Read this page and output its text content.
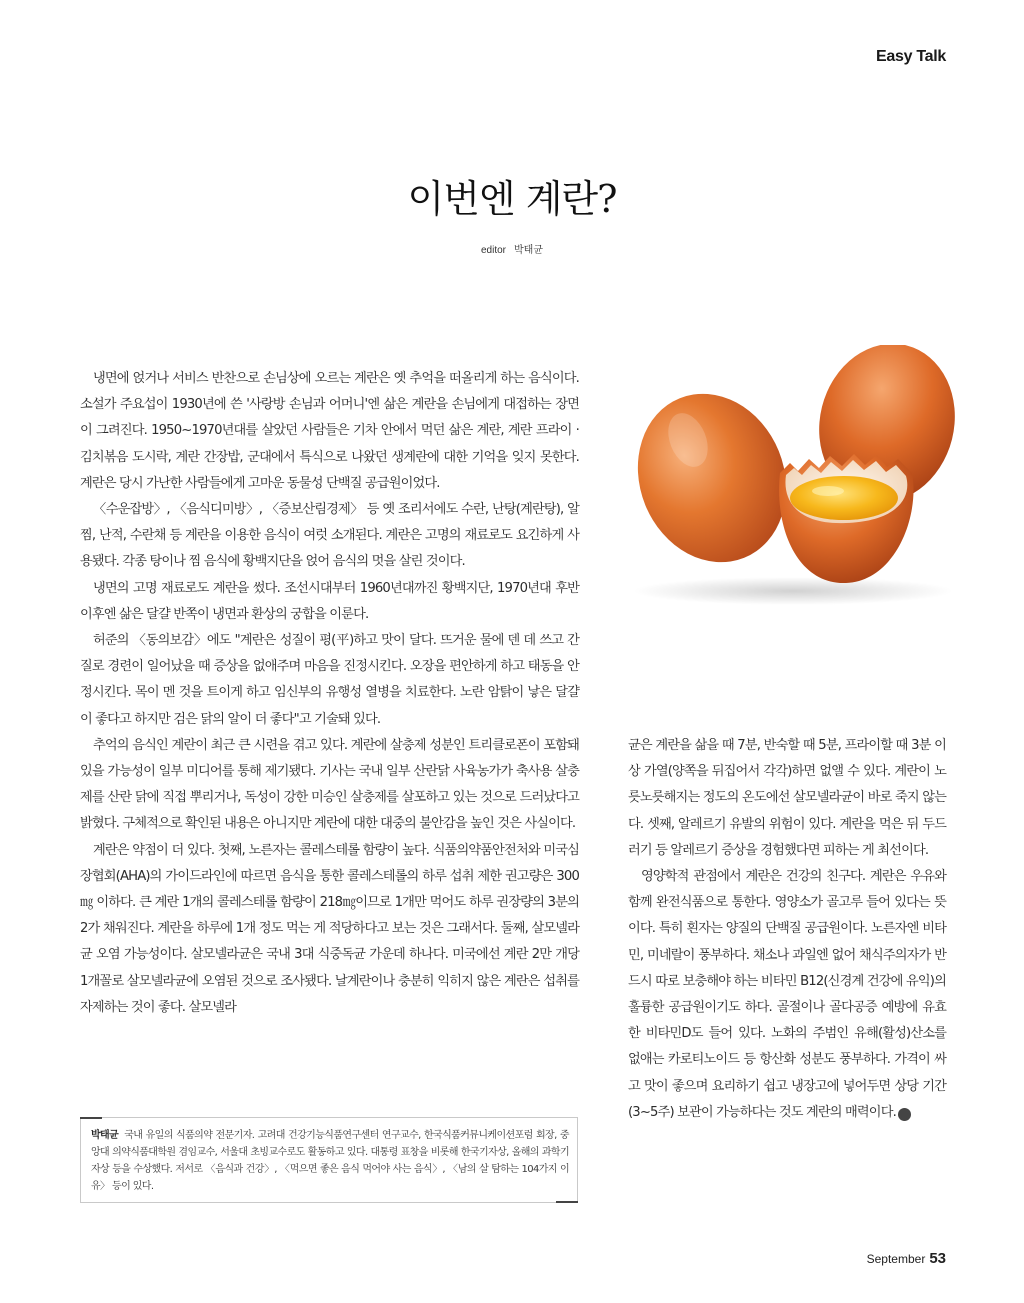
Easy Talk
이번엔 계란?
editor 박태균

냉면에 얹거나 서비스 반찬으로 손님상에 오르는 계란은 옛 추억을 떠올리게 하는 음식이다. 소설가 주요섭이 1930년에 쓴 '사랑방 손님과 어머니'엔 삶은 계란을 손님에게 대접하는 장면이 그려진다. 1950~1970년대를 살았던 사람들은 기차 안에서 먹던 삶은 계란, 계란 프라이 · 김치볶음 도시락, 계란 간장밥, 군대에서 특식으로 나왔던 생계란에 대한 기억을 잊지 못한다. 계란은 당시 가난한 사람들에게 고마운 동물성 단백질 공급원이었다.

〈수운잡방〉, 〈음식디미방〉, 〈증보산림경제〉 등 옛 조리서에도 수란, 난탕(계란탕), 알찜, 난적, 수란채 등 계란을 이용한 음식이 여럿 소개된다. 계란은 고명의 재료로도 요긴하게 사용됐다. 각종 탕이나 찜 음식에 황백지단을 얹어 음식의 멋을 살린 것이다.

냉면의 고명 재료로도 계란을 썼다. 조선시대부터 1960년대까진 황백지단, 1970년대 후반 이후엔 삶은 달걀 반쪽이 냉면과 환상의 궁합을 이룬다.

허준의 〈동의보감〉에도 "계란은 성질이 평(平)하고 맛이 달다. 뜨거운 물에 덴 데 쓰고 간질로 경련이 일어났을 때 증상을 없애주며 마음을 진정시킨다. 오장을 편안하게 하고 태동을 안정시킨다. 목이 멘 것을 트이게 하고 임신부의 유행성 열병을 치료한다. 노란 암탉이 낳은 달걀이 좋다고 하지만 검은 닭의 알이 더 좋다"고 기술돼 있다.

추억의 음식인 계란이 최근 큰 시련을 겪고 있다. 계란에 살충제 성분인 트리클로폰이 포함돼 있을 가능성이 일부 미디어를 통해 제기됐다. 기사는 국내 일부 산란닭 사육농가가 축사용 살충제를 산란 닭에 직접 뿌리거나, 독성이 강한 미승인 살충제를 살포하고 있는 것으로 드러났다고 밝혔다. 구체적으로 확인된 내용은 아니지만 계란에 대한 대중의 불안감을 높인 것은 사실이다.

계란은 약점이 더 있다. 첫째, 노른자는 콜레스테롤 함량이 높다. 식품의약품안전처와 미국심장협회(AHA)의 가이드라인에 따르면 음식을 통한 콜레스테롤의 하루 섭취 제한 권고량은 300㎎ 이하다. 큰 계란 1개의 콜레스테롤 함량이 218㎎이므로 1개만 먹어도 하루 권장량의 3분의 2가 채워진다. 계란을 하루에 1개 정도 먹는 게 적당하다고 보는 것은 그래서다. 둘째, 살모넬라균 오염 가능성이다. 살모넬라균은 국내 3대 식중독균 가운데 하나다. 미국에선 계란 2만 개당 1개꼴로 살모넬라균에 오염된 것으로 조사됐다. 날계란이나 충분히 익히지 않은 계란은 섭취를 자제하는 것이 좋다. 살모넬라

균은 계란을 삶을 때 7분, 반숙할 때 5분, 프라이할 때 3분 이상 가열(양쪽을 뒤집어서 각각)하면 없앨 수 있다. 계란이 노릇노릇해지는 정도의 온도에선 살모넬라균이 바로 죽지 않는다. 셋째, 알레르기 유발의 위험이 있다. 계란을 먹은 뒤 두드러기 등 알레르기 증상을 경험했다면 피하는 게 최선이다.

영양학적 관점에서 계란은 건강의 친구다. 계란은 우유와 함께 완전식품으로 통한다. 영양소가 골고루 들어 있다는 뜻이다. 특히 흰자는 양질의 단백질 공급원이다. 노른자엔 비타민, 미네랄이 풍부하다. 채소나 과일엔 없어 채식주의자가 반드시 따로 보충해야 하는 비타민 B12(신경계 건강에 유익)의 훌륭한 공급원이기도 하다. 골절이나 골다공증 예방에 유효한 비타민D도 들어 있다. 노화의 주범인 유해(활성)산소를 없애는 카로티노이드 등 항산화 성분도 풍부하다. 가격이 싸고 맛이 좋으며 요리하기 쉽고 냉장고에 넣어두면 상당 기간(3~5주) 보관이 가능하다는 것도 계란의 매력이다. f

박태균 국내 유일의 식품의약 전문기자. 고려대 건강기능식품연구센터 연구교수, 한국식품커뮤니케이션포럼 회장, 중앙대 의약식품대학원 겸임교수, 서울대 초빙교수로도 활동하고 있다. 대통령 표창을 비롯해 한국기자상, 올해의 과학기자상 등을 수상했다. 저서로 〈음식과 건강〉, 〈먹으면 좋은 음식 먹어야 사는 음식〉, 〈남의 살 탐하는 104가지 이유〉 등이 있다.
September 53
